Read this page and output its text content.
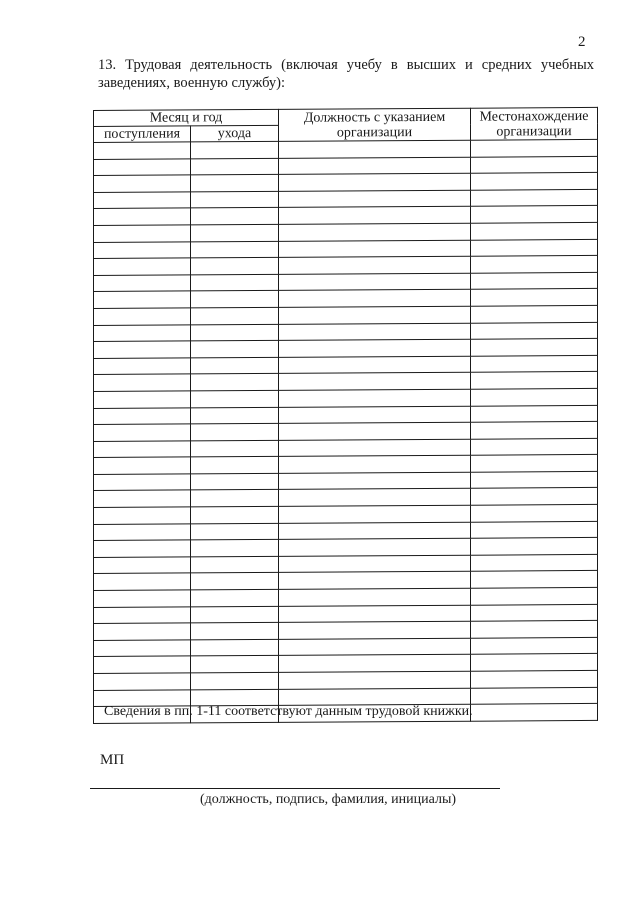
2
13. Трудовая деятельность (включая учебу в высших и средних учебных заведениях, военную службу):
Месяц и год		Должность с указанием организации	Местонахождение организации
поступления	ухода		

Сведения в пп. 1-11 соответствуют данным трудовой книжки.
МП
(должность, подпись, фамилия, инициалы)
